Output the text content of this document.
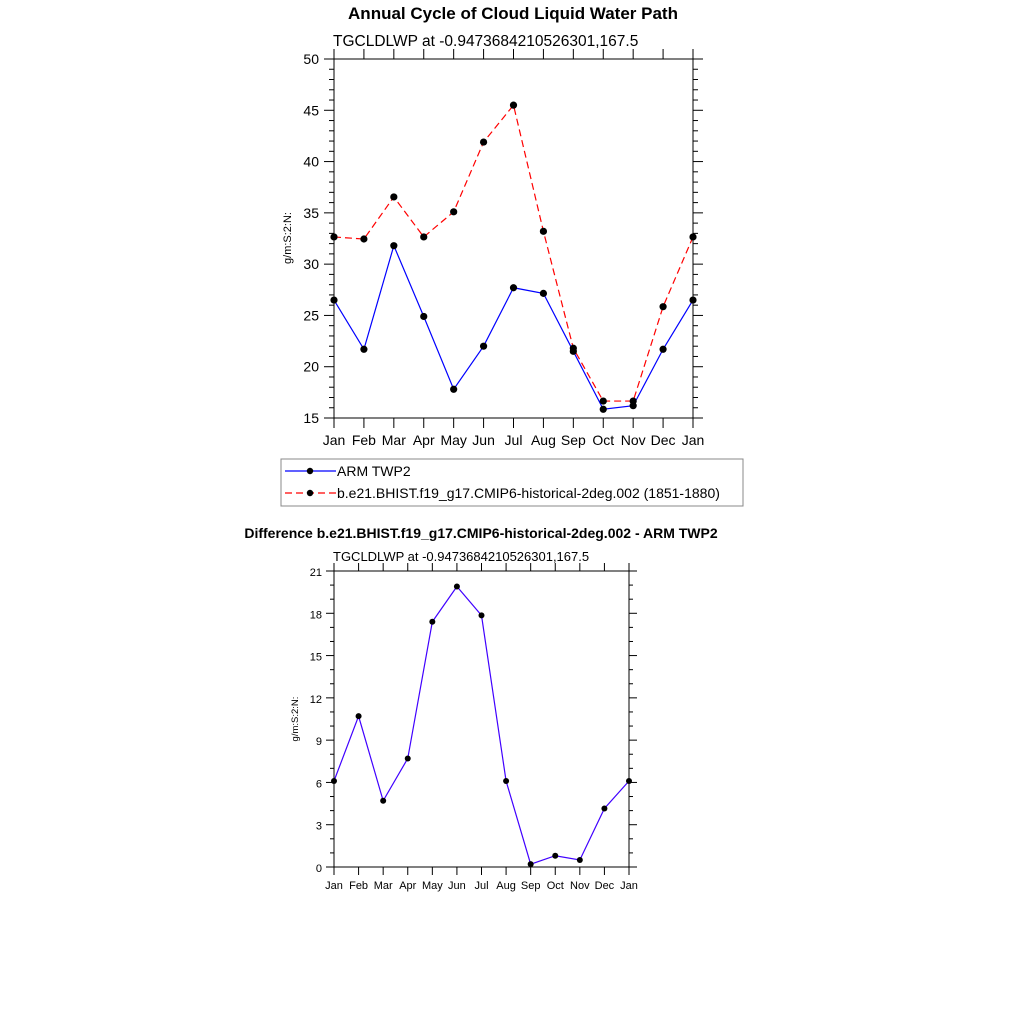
Annual Cycle of Cloud Liquid Water Path
TGCLDLWP at -0.9473684210526301,167.5
Jan Feb Mar Apr May Jun Jul Aug Sep Oct Nov Dec Jan
15
20
25
30
35
40
45
50
g/m:S:2:N:
ARM TWP2
b.e21.BHIST.f19_g17.CMIP6-historical-2deg.002 (1851-1880)
Difference b.e21.BHIST.f19_g17.CMIP6-historical-2deg.002 - ARM TWP2
TGCLDLWP at -0.9473684210526301,167.5
Jan Feb Mar Apr May Jun Jul Aug Sep Oct Nov Dec Jan
0
3
6
9
12
15
18
21
g/m:S:2:N:
